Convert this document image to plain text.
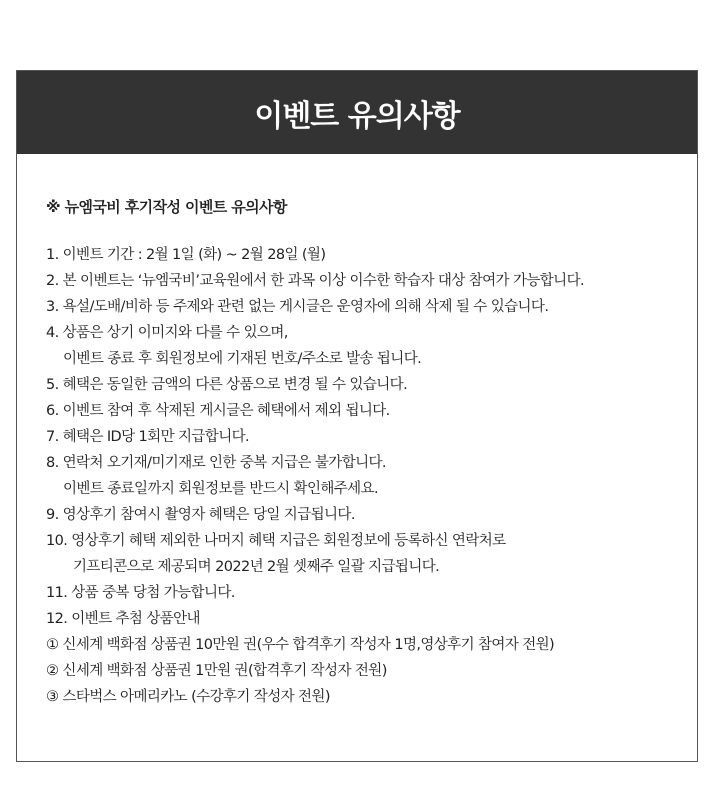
이벤트 유의사항
※ 뉴엠국비 후기작성 이벤트 유의사항
1. 이벤트 기간 : 2월 1일 (화) ~ 2월 28일 (월)
2. 본 이벤트는 ‘뉴엠국비’교육원에서 한 과목 이상 이수한 학습자 대상 참여가 가능합니다.
3. 욕설/도배/비하 등 주제와 관련 없는 게시글은 운영자에 의해 삭제 될 수 있습니다.
4. 상품은 상기 이미지와 다를 수 있으며,
이벤트 종료 후 회원정보에 기재된 번호/주소로 발송 됩니다.
5. 혜택은 동일한 금액의 다른 상품으로 변경 될 수 있습니다.
6. 이벤트 참여 후 삭제된 게시글은 혜택에서 제외 됩니다.
7. 혜택은 ID당 1회만 지급합니다.
8. 연락처 오기재/미기재로 인한 중복 지급은 불가합니다.
이벤트 종료일까지 회원정보를 반드시 확인해주세요.
9. 영상후기 참여시 촬영자 혜택은 당일 지급됩니다.
10. 영상후기 혜택 제외한 나머지 혜택 지급은 회원정보에 등록하신 연락처로
기프티콘으로 제공되며 2022년 2월 셋째주 일괄 지급됩니다.
11. 상품 중복 당첨 가능합니다.
12. 이벤트 추첨 상품안내
① 신세계 백화점 상품권 10만원 권(우수 합격후기 작성자 1명,영상후기 참여자 전원)
② 신세계 백화점 상품권 1만원 권(합격후기 작성자 전원)
③ 스타벅스 아메리카노 (수강후기 작성자 전원)
